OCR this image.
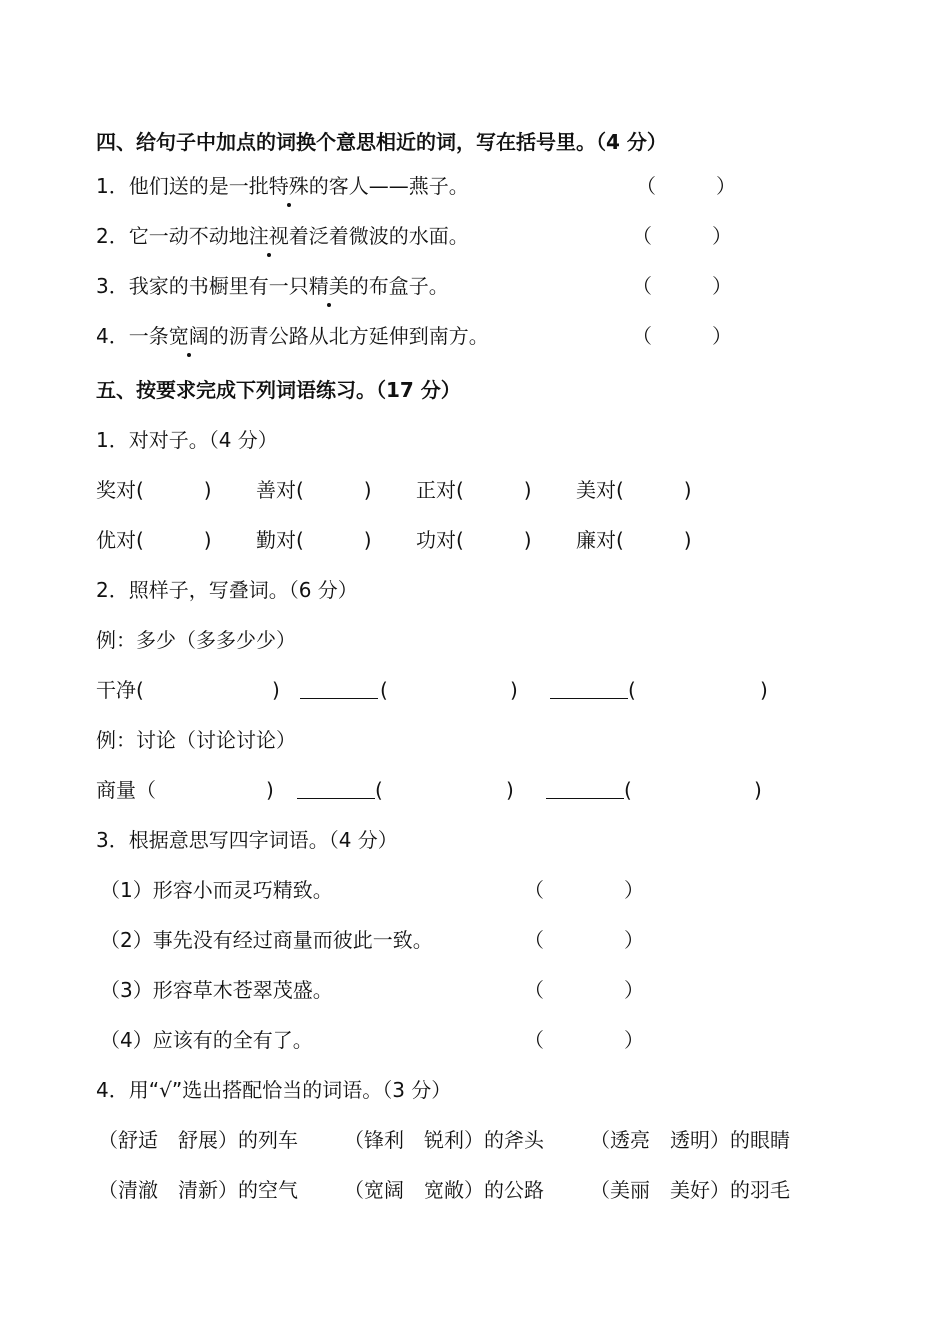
四、给句子中加点的词换个意思相近的词，写在括号里。（4 分）
1．他们送的是一批特殊的客人——燕子。	（　　　）
2．它一动不动地注视着泛着微波的水面。	（　　　）
3．我家的书橱里有一只精美的布盒子。	（　　　）
4．一条宽阔的沥青公路从北方延伸到南方。	（　　　）
五、按要求完成下列词语练习。（17 分）
1．对对子。（4 分）
奖对(　　　) 善对(　　　) 正对(　　　) 美对(　　　)
优对(　　　) 勤对(　　　) 功对(　　　) 廉对(　　　)
2．照样子，写叠词。（6 分）
例：多少（多多少少）
干净(	)	(	)	(	)
例：讨论（讨论讨论）
商量（	)	(	)	(	)
3．根据意思写四字词语。（4 分）
（1）形容小而灵巧精致。	（　　　　）
（2）事先没有经过商量而彼此一致。	（　　　　）
（3）形容草木苍翠茂盛。	（　　　　）
（4）应该有的全有了。	（　　　　）
4．用“√”选出搭配恰当的词语。（3 分）
（舒适　舒展）的列车 （锋利　锐利）的斧头 （透亮　透明）的眼睛
（清澈　清新）的空气 （宽阔　宽敞）的公路 （美丽　美好）的羽毛
